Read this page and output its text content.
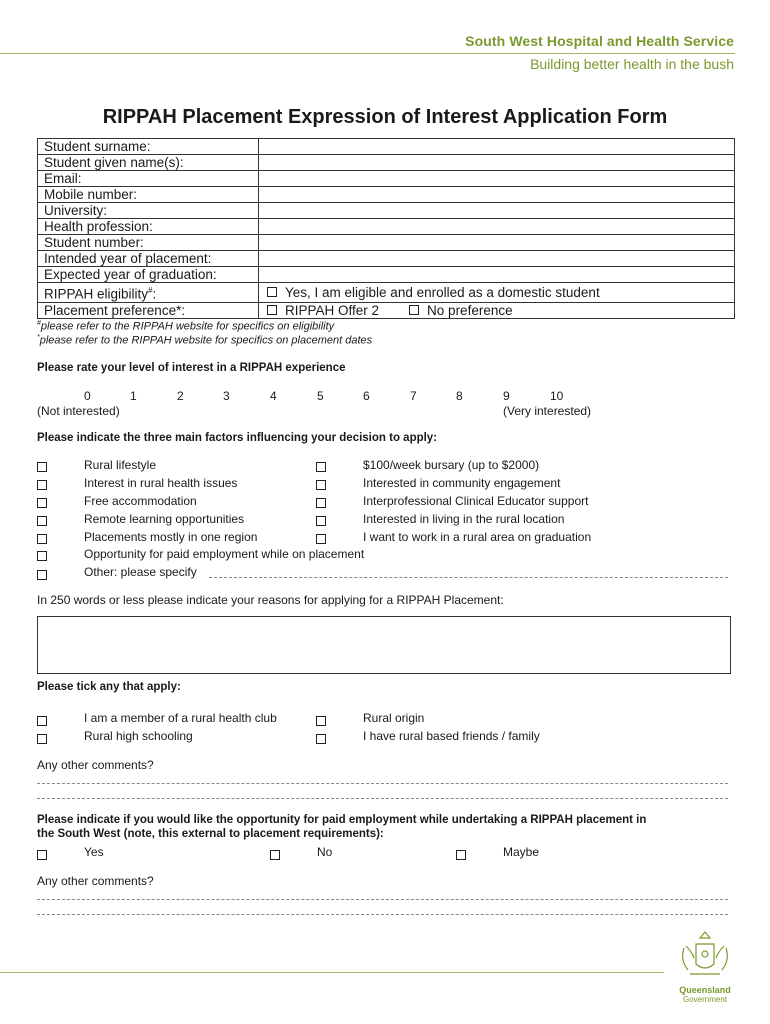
South West Hospital and Health Service
Building better health in the bush
RIPPAH Placement Expression of Interest Application Form
Student surname:	
Student given name(s):	
Email:	
Mobile number:	
University:	
Health profession:	
Student number:	
Intended year of placement:	
Expected year of graduation:	
RIPPAH eligibility#:	Yes, I am eligible and enrolled as a domestic student
Placement preference*:	RIPPAH Offer 2 No preference
#please refer to the RIPPAH website for specifics on eligibility
*please refer to the RIPPAH website for specifics on placement dates
Please rate your level of interest in a RIPPAH experience
0	1	2	3	4	5	6	7	8	9	10
(Not interested)	(Very interested)
Please indicate the three main factors influencing your decision to apply:
Rural lifestyle	$100/week bursary (up to $2000)
Interest in rural health issues	Interested in community engagement
Free accommodation	Interprofessional Clinical Educator support
Remote learning opportunities	Interested in living in the rural location
Placements mostly in one region	I want to work in a rural area on graduation
Opportunity for paid employment while on placement
Other: please specify
In 250 words or less please indicate your reasons for applying for a RIPPAH Placement:
Please tick any that apply:
I am a member of a rural health club	Rural origin
Rural high schooling	I have rural based friends / family
Any other comments?
Please indicate if you would like the opportunity for paid employment while undertaking a RIPPAH placement in
the South West (note, this external to placement requirements):
Yes	No	Maybe
Any other comments?
Queensland
Government
